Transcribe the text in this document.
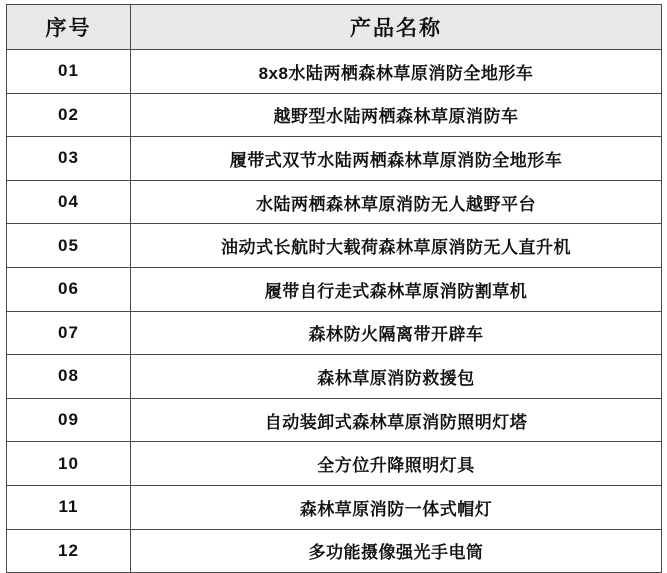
序号	产品名称
01	8x8水陆两栖森林草原消防全地形车
02	越野型水陆两栖森林草原消防车
03	履带式双节水陆两栖森林草原消防全地形车
04	水陆两栖森林草原消防无人越野平台
05	油动式长航时大载荷森林草原消防无人直升机
06	履带自行走式森林草原消防割草机
07	森林防火隔离带开辟车
08	森林草原消防救援包
09	自动装卸式森林草原消防照明灯塔
10	全方位升降照明灯具
11	森林草原消防一体式帽灯
12	多功能摄像强光手电筒
